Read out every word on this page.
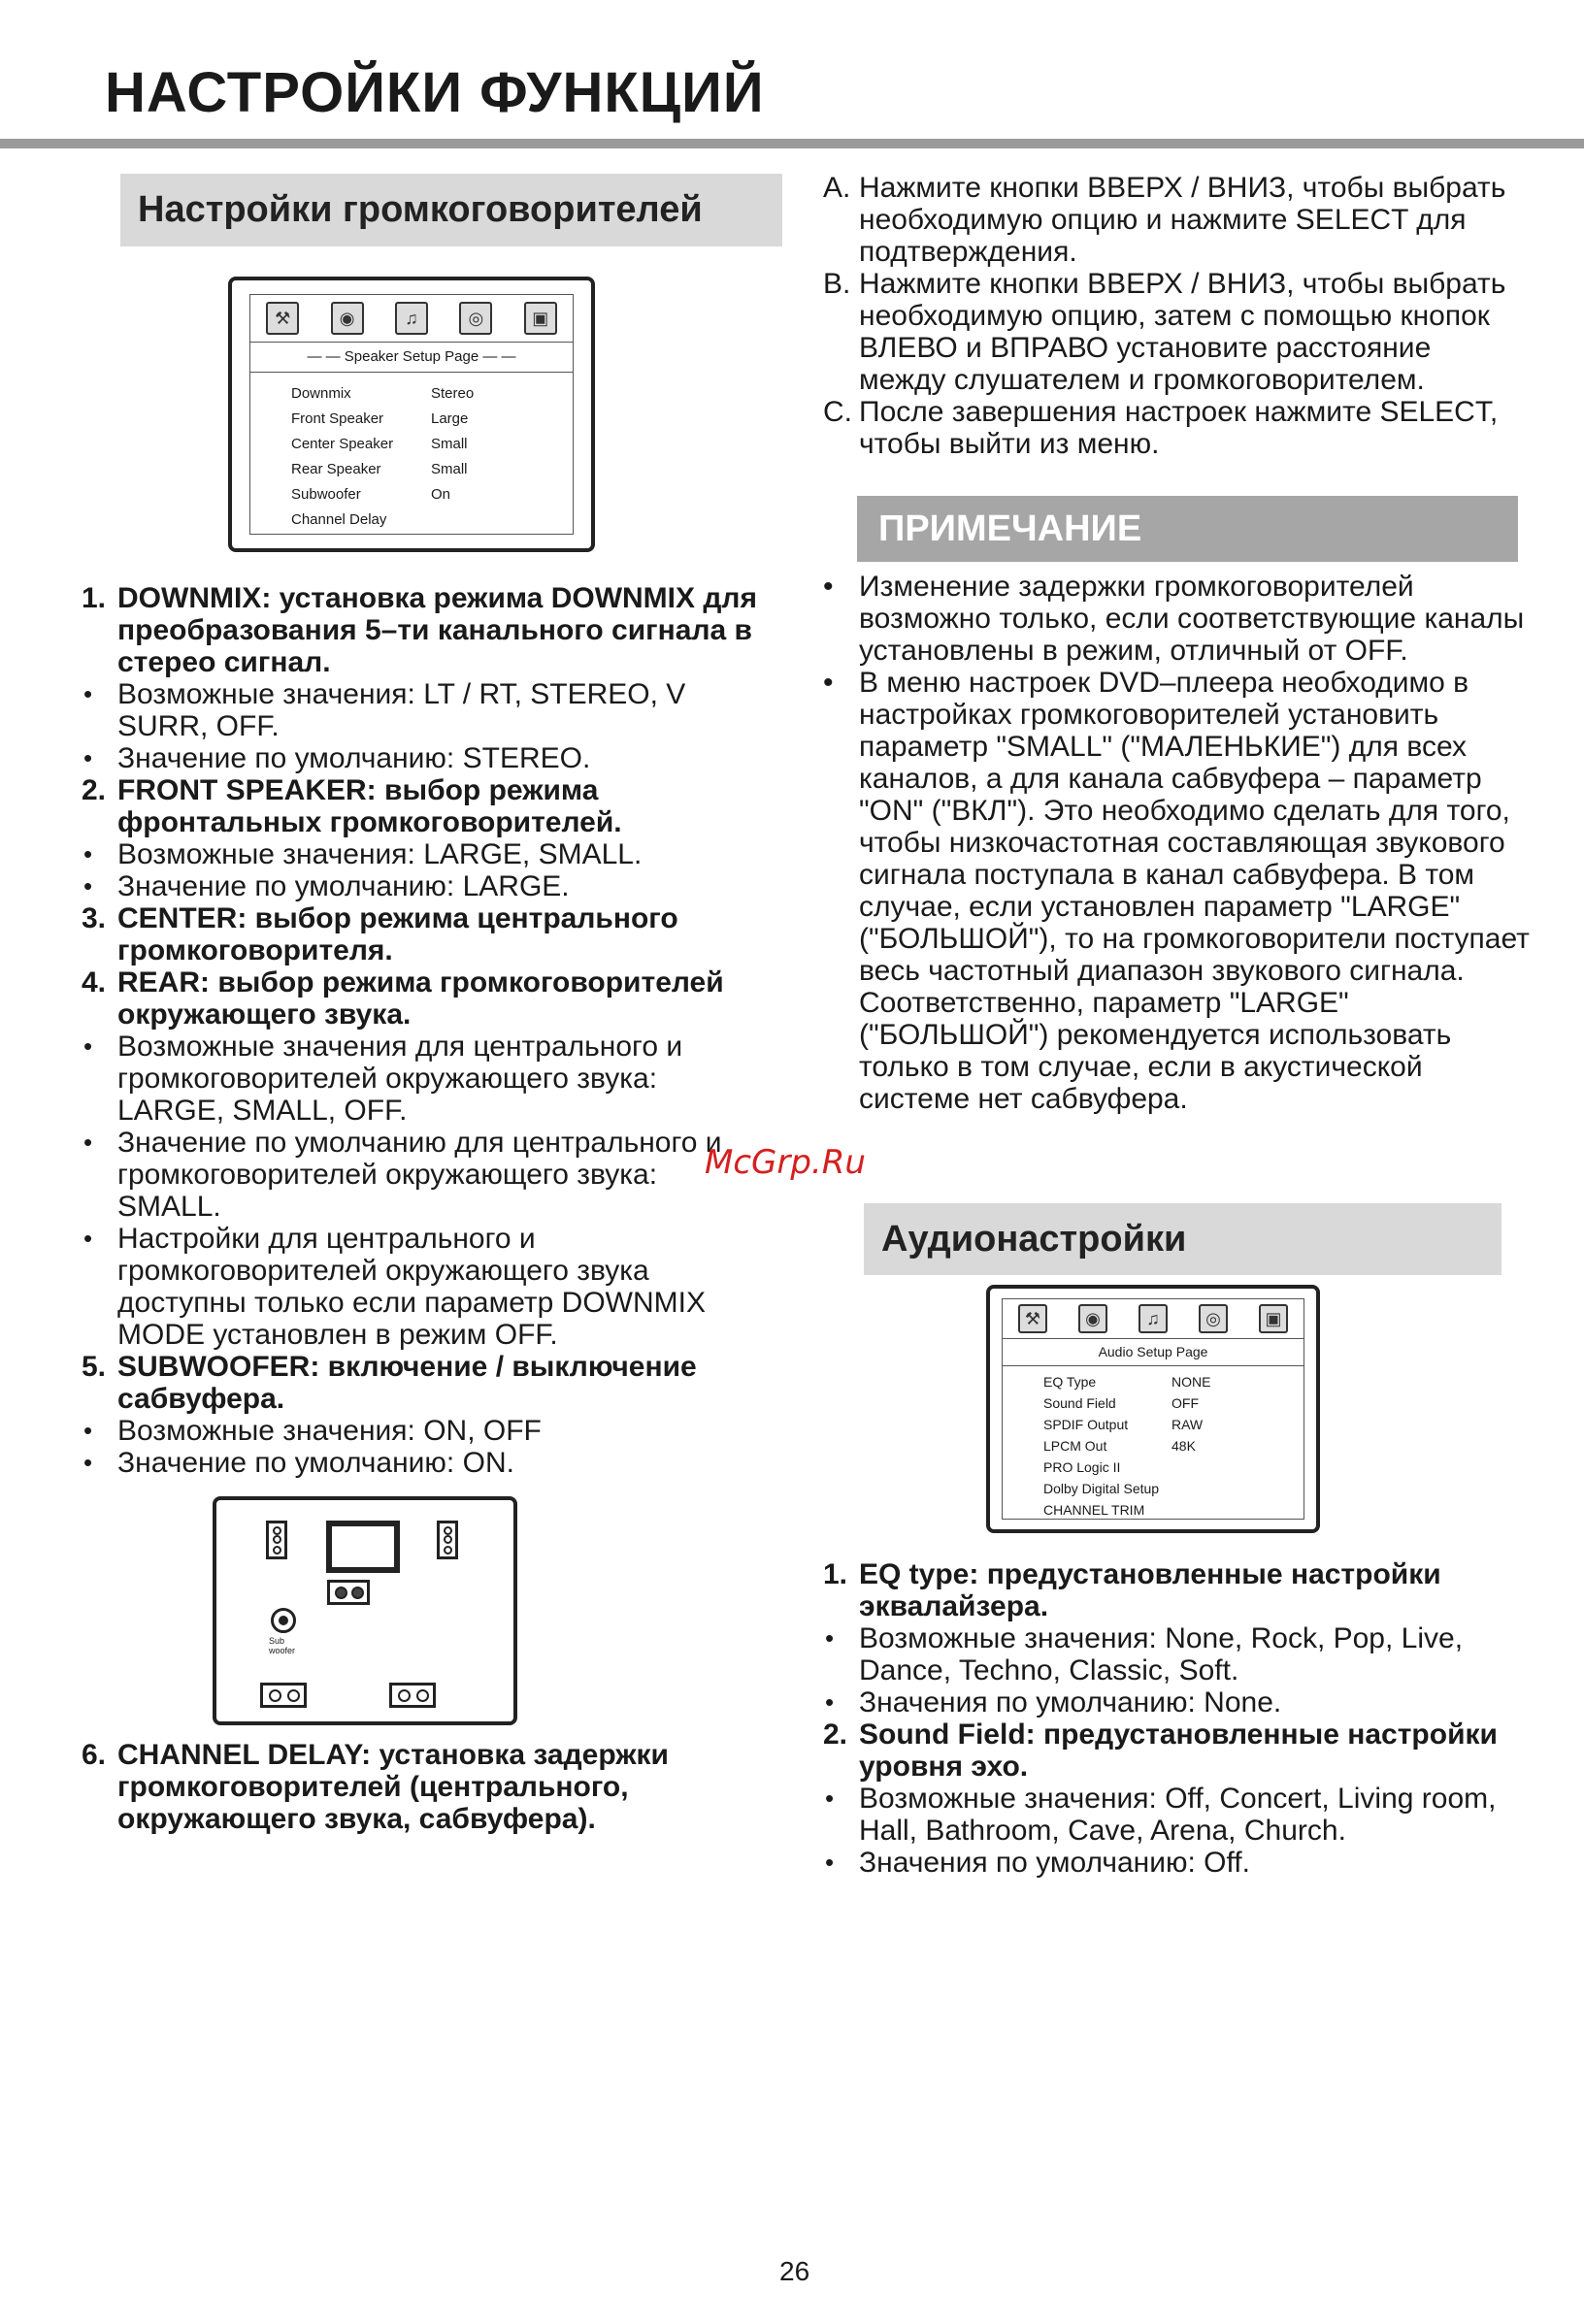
НАСТРОЙКИ ФУНКЦИЙ
Настройки громкоговорителей
⚒	◉	♫	◎	▣
— — Speaker Setup Page — —
Downmix	Stereo
Front Speaker	Large
Center Speaker	Small
Rear Speaker	Small
Subwoofer	On
Channel Delay	

1. DOWNMIX: установка режима DOWNMIX для преобразования 5–ти канального сигнала в стерео сигнал.

• Возможные значения: LT / RT, STEREO, V SURR, OFF.

• Значение по умолчанию: STEREO.

2. FRONT SPEAKER: выбор режима фронтальных громкоговорителей.

• Возможные значения: LARGE, SMALL.

• Значение по умолчанию: LARGE.

3. CENTER: выбор режима центрального громкоговорителя.

4. REAR: выбор режима громкоговорителей окружающего звука.

• Возможные значения для центрального и громкоговорителей окружающего звука: LARGE, SMALL, OFF.

• Значение по умолчанию для центрального и громкоговорителей окружающего звука: SMALL.

• Настройки для центрального и громкоговорителей окружающего звука доступны только если параметр DOWNMIX MODE установлен в режим OFF.

5. SUBWOOFER: включение / выключение сабвуфера.

• Возможные значения: ON, OFF

• Значение по умолчанию: ON.

Sub
woofer

6. CHANNEL DELAY: установка задержки громкоговорителей (центрального, окружающего звука, сабвуфера).

A. Нажмите кнопки ВВЕРХ / ВНИЗ, чтобы выбрать необходимую опцию и нажмите SELECT для подтверждения.

B. Нажмите кнопки ВВЕРХ / ВНИЗ, чтобы выбрать необходимую опцию, затем с помощью кнопок ВЛЕВО и ВПРАВО установите расстояние между слушателем и громкоговорителем.

C. После завершения настроек нажмите SELECT, чтобы выйти из меню.

ПРИМЕЧАНИЕ

• Изменение задержки громкоговорителей возможно только, если соответствующие каналы установлены в режим, отличный от OFF.

• В меню настроек DVD–плеера необходимо в настройках громкоговорителей установить параметр "SMALL" ("МАЛЕНЬКИЕ") для всех каналов, а для канала сабвуфера – параметр "ON" ("ВКЛ"). Это необходимо сделать для того, чтобы низкочастотная составляющая звукового сигнала поступала в канал сабвуфера. В том случае, если установлен параметр "LARGE" ("БОЛЬШОЙ"), то на громкоговорители поступает весь частотный диапазон звукового сигнала. Соответственно, параметр "LARGE" ("БОЛЬШОЙ") рекомендуется использовать только в том случае, если в акустической системе нет сабвуфера.

Аудионастройки
⚒	◉	♫	◎	▣
Audio Setup Page
EQ Type	NONE
Sound Field	OFF
SPDIF Output	RAW
LPCM Out	48K
PRO Logic II	
Dolby Digital Setup	
CHANNEL TRIM	

1. EQ type: предустановленные настройки эквалайзера.

• Возможные значения: None, Rock, Pop, Live, Dance, Techno, Classic, Soft.

• Значения по умолчанию: None.

2. Sound Field: предустановленные настройки уровня эхо.

• Возможные значения: Off, Concert, Living room, Hall, Bathroom, Cave, Arena, Church.

• Значения по умолчанию: Off.

McGrp.Ru
26
